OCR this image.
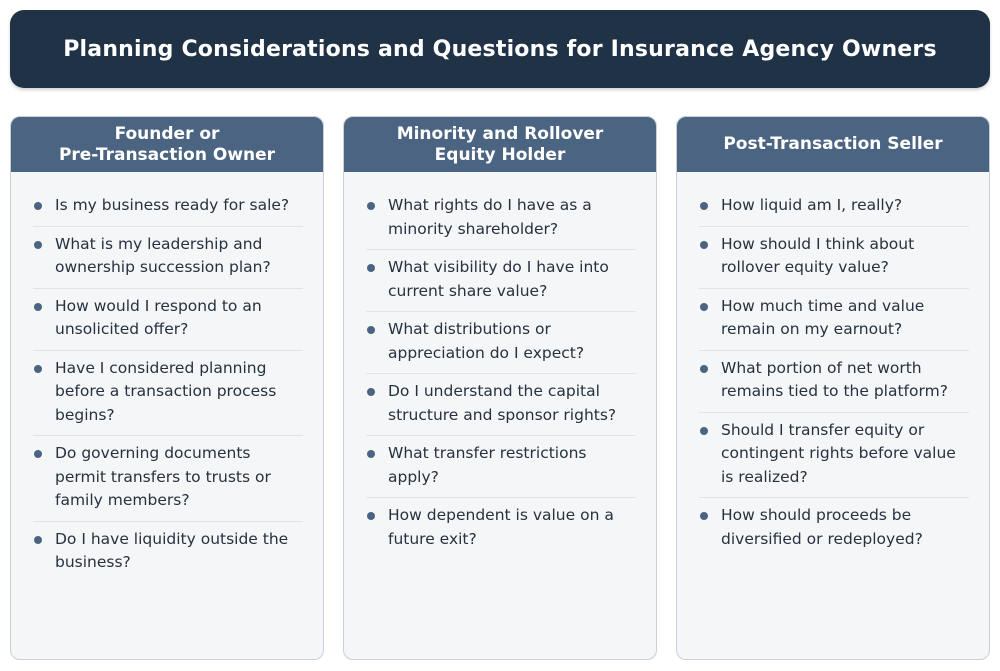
Planning Considerations and Questions for Insurance Agency Owners
Founder or
Pre-Transaction Owner
Is my business ready for sale?
What is my leadership and ownership succession plan?
How would I respond to an unsolicited offer?
Have I considered planning before a transaction process begins?
Do governing documents permit transfers to trusts or family members?
Do I have liquidity outside the business?
Minority and Rollover
Equity Holder
What rights do I have as a minority shareholder?
What visibility do I have into current share value?
What distributions or appreciation do I expect?
Do I understand the capital structure and sponsor rights?
What transfer restrictions apply?
How dependent is value on a future exit?
Post-Transaction Seller
How liquid am I, really?
How should I think about rollover equity value?
How much time and value remain on my earnout?
What portion of net worth remains tied to the platform?
Should I transfer equity or contingent rights before value is realized?
How should proceeds be diversified or redeployed?
